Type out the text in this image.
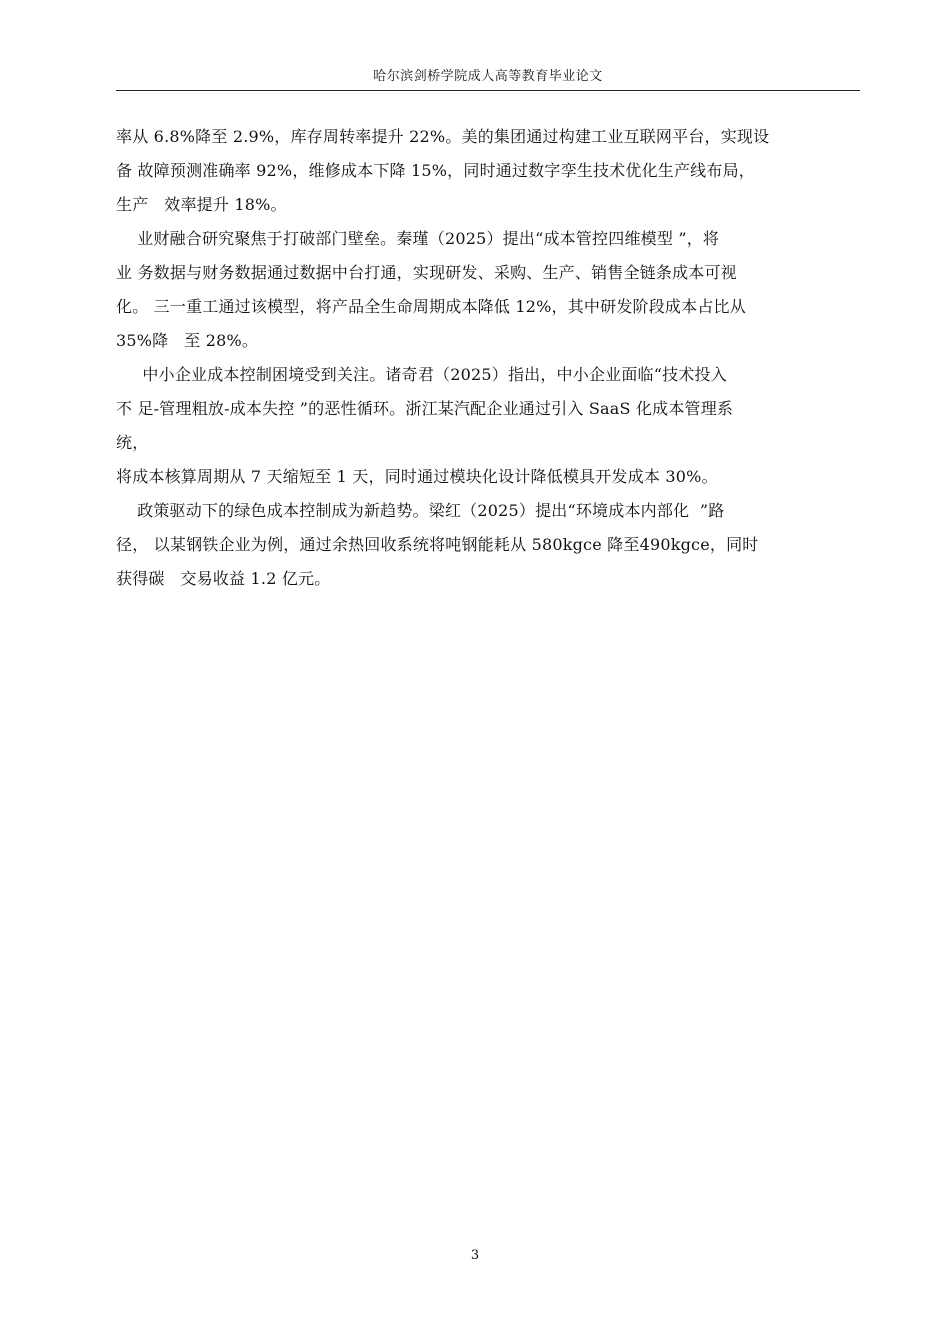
哈尔滨剑桥学院成人高等教育毕业论文
率从 6.8%降至 2.9%，库存周转率提升 22%。美的集团通过构建工业互联网平台，实现设
备 故障预测准确率 92%，维修成本下降 15%，同时通过数字孪生技术优化生产线布局，
生产   效率提升 18%。
业财融合研究聚焦于打破部门壁垒。秦瑾（2025）提出“成本管控四维模型 ”，将
业 务数据与财务数据通过数据中台打通，实现研发、采购、生产、销售全链条成本可视
化。 三一重工通过该模型，将产品全生命周期成本降低 12%，其中研发阶段成本占比从
35%降   至 28%。
中小企业成本控制困境受到关注。诸奇君（2025）指出，中小企业面临“技术投入
不 足-管理粗放-成本失控 ”的恶性循环。浙江某汽配企业通过引入 SaaS 化成本管理系
统，
将成本核算周期从 7 天缩短至 1 天，同时通过模块化设计降低模具开发成本 30%。
政策驱动下的绿色成本控制成为新趋势。梁红（2025）提出“环境成本内部化  ”路
径， 以某钢铁企业为例，通过余热回收系统将吨钢能耗从 580kgce 降至490kgce，同时
获得碳   交易收益 1.2 亿元。
3
